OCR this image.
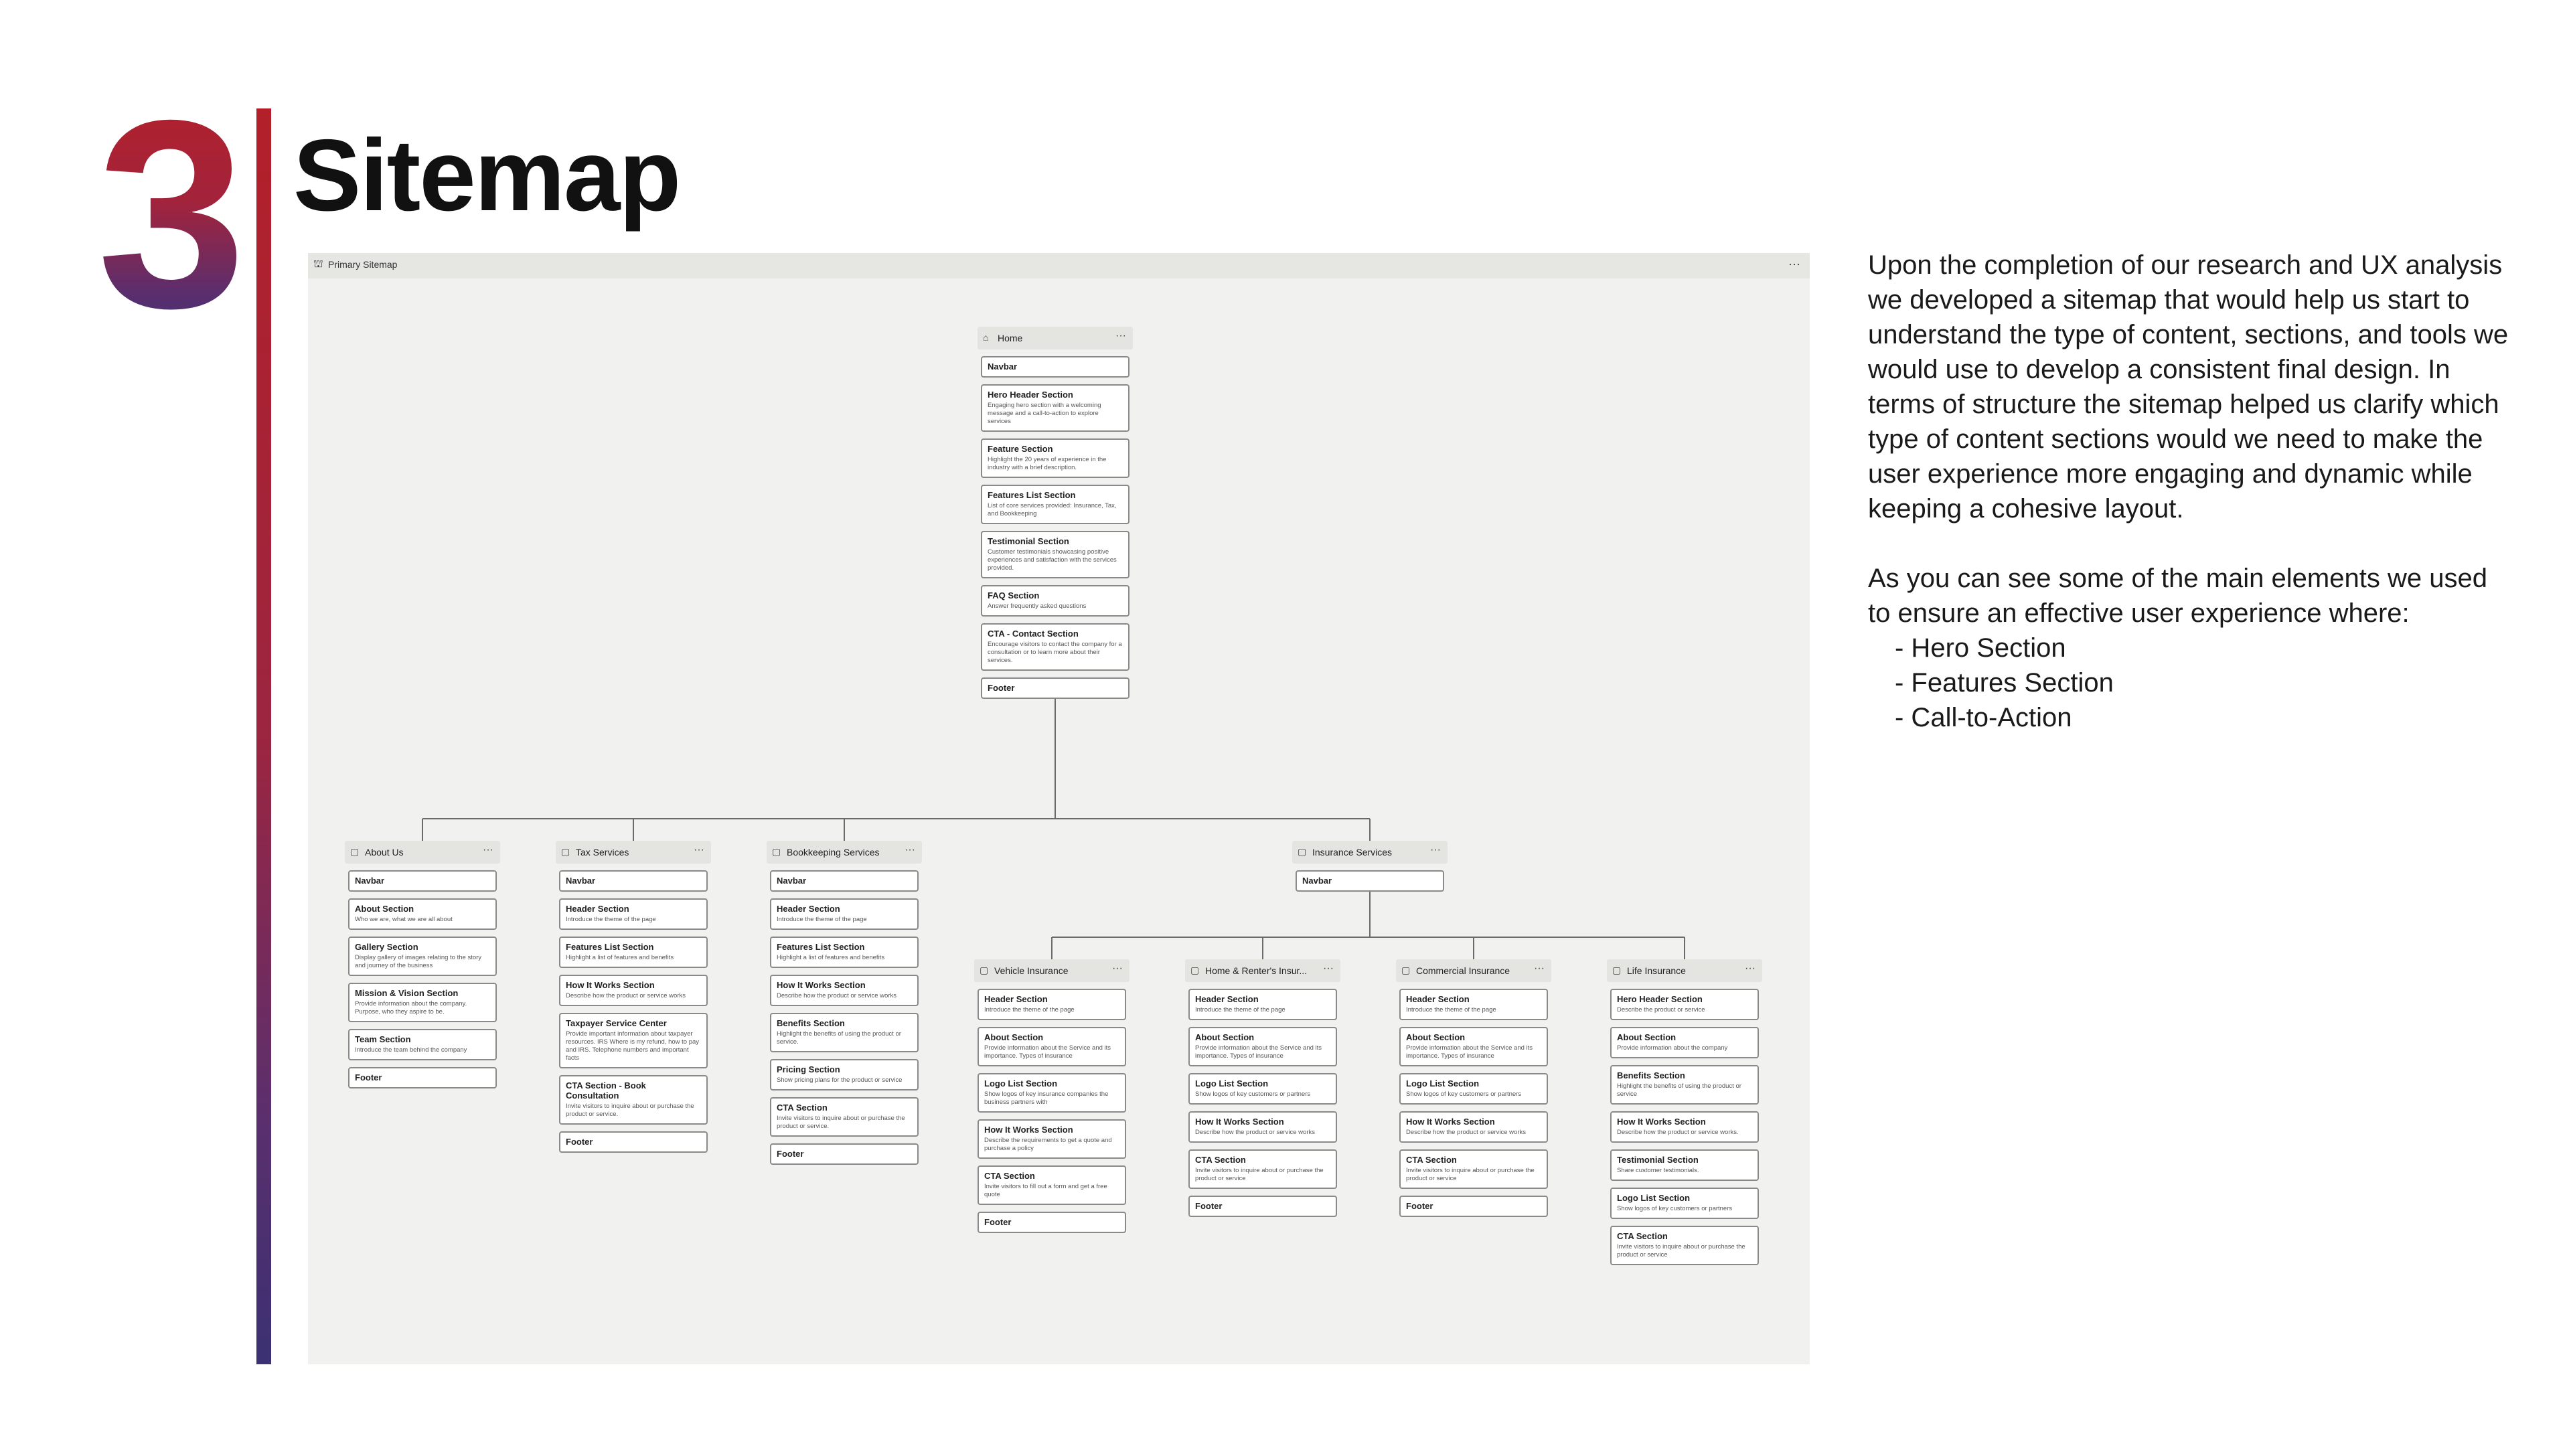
3 Sitemap

Upon the completion of our research and UX analysis we developed a sitemap that would help us start to understand the type of content, sections, and tools we would use to develop a consistent final design. In terms of structure the sitemap helped us clarify which type of content sections would we need to make the user experience more engaging and dynamic while keeping a cohesive layout.

As you can see some of the main elements we used to ensure an effective user experience where:
- Hero Section
- Features Section
- Call-to-Action
⛫ Primary Sitemap	···
⌂ Home	···
Navbar
Hero Header Section
Engaging hero section with a welcoming message and a call-to-action to explore services
Feature Section
Highlight the 20 years of experience in the industry with a brief description.
Features List Section
List of core services provided: Insurance, Tax, and Bookkeeping
Testimonial Section
Customer testimonials showcasing positive experiences and satisfaction with the services provided.
FAQ Section
Answer frequently asked questions
CTA - Contact Section
Encourage visitors to contact the company for a consultation or to learn more about their services.
Footer
▢ About Us	···
Navbar
About Section
Who we are, what we are all about
Gallery Section
Display gallery of images relating to the story and journey of the business
Mission & Vision Section
Provide information about the company. Purpose, who they aspire to be.
Team Section
Introduce the team behind the company
Footer
▢ Tax Services	···
Navbar
Header Section
Introduce the theme of the page
Features List Section
Highlight a list of features and benefits
How It Works Section
Describe how the product or service works
Taxpayer Service Center
Provide important information about taxpayer resources. IRS Where is my refund, how to pay and IRS. Telephone numbers and important facts
CTA Section - Book Consultation
Invite visitors to inquire about or purchase the product or service.
Footer
▢ Bookkeeping Services ···
Navbar
Header Section
Introduce the theme of the page
Features List Section
Highlight a list of features and benefits
How It Works Section
Describe how the product or service works
Benefits Section
Highlight the benefits of using the product or service.
Pricing Section
Show pricing plans for the product or service
CTA Section
Invite visitors to inquire about or purchase the product or service.
Footer
▢ Insurance Services	···
Navbar
▢ Vehicle Insurance	···
Header Section
Introduce the theme of the page
About Section
Provide information about the Service and its importance. Types of insurance
Logo List Section
Show logos of key insurance companies the business partners with
How It Works Section
Describe the requirements to get a quote and purchase a policy
CTA Section
Invite visitors to fill out a form and get a free quote
Footer
▢ Home & Renter's Insur... ···
Header Section
Introduce the theme of the page
About Section
Provide information about the Service and its importance. Types of insurance
Logo List Section
Show logos of key customers or partners
How It Works Section
Describe how the product or service works
CTA Section
Invite visitors to inquire about or purchase the product or service
Footer
▢ Commercial Insurance ···
Header Section
Introduce the theme of the page
About Section
Provide information about the Service and its importance. Types of insurance
Logo List Section
Show logos of key customers or partners
How It Works Section
Describe how the product or service works
CTA Section
Invite visitors to inquire about or purchase the product or service
Footer
▢ Life Insurance	···
Hero Header Section
Describe the product or service
About Section
Provide information about the company
Benefits Section
Highlight the benefits of using the product or service
How It Works Section
Describe how the product or service works.
Testimonial Section
Share customer testimonials.
Logo List Section
Show logos of key customers or partners
CTA Section
Invite visitors to inquire about or purchase the product or service
